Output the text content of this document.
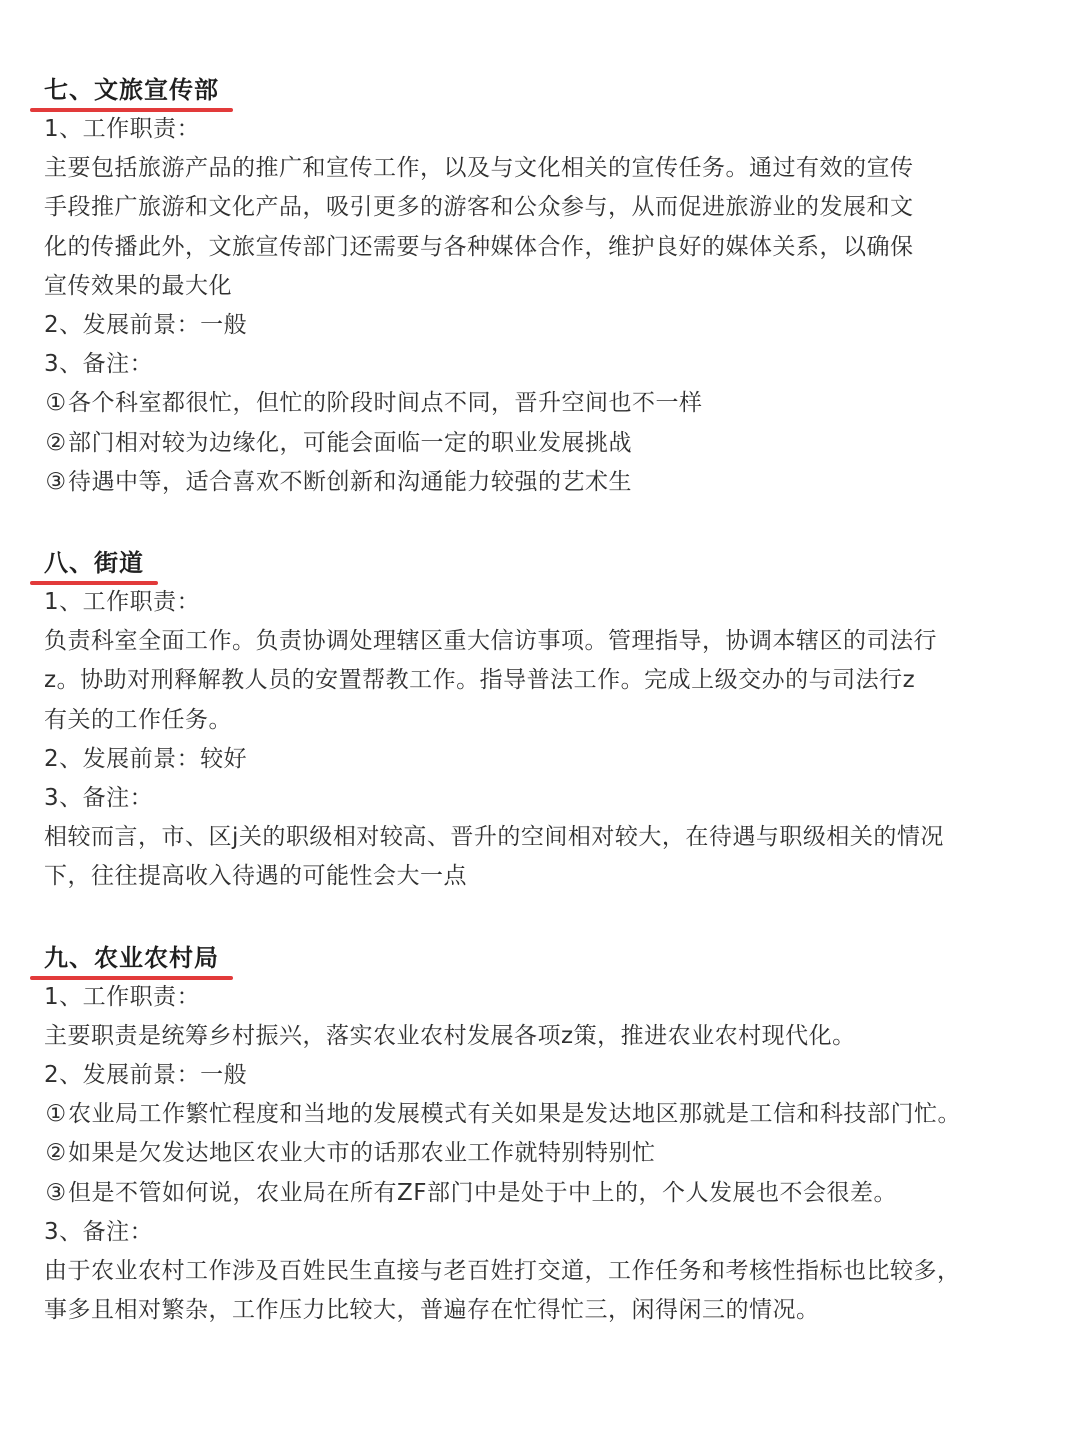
七、文旅宣传部
1、工作职责：
主要包括旅游产品的推广和宣传工作，以及与文化相关的宣传任务。通过有效的宣传
手段推广旅游和文化产品，吸引更多的游客和公众参与，从而促进旅游业的发展和文
化的传播此外，文旅宣传部门还需要与各种媒体合作，维护良好的媒体关系，以确保
宣传效果的最大化
2、发展前景：一般
3、备注：
①各个科室都很忙，但忙的阶段时间点不同，晋升空间也不一样
②部门相对较为边缘化，可能会面临一定的职业发展挑战
③待遇中等，适合喜欢不断创新和沟通能力较强的艺术生
八、街道
1、工作职责：
负责科室全面工作。负责协调处理辖区重大信访事项。管理指导，协调本辖区的司法行
z。协助对刑释解教人员的安置帮教工作。指导普法工作。完成上级交办的与司法行z
有关的工作任务。
2、发展前景：较好
3、备注：
相较而言，市、区j关的职级相对较高、晋升的空间相对较大，在待遇与职级相关的情况
下，往往提高收入待遇的可能性会大一点
九、农业农村局
1、工作职责：
主要职责是统筹乡村振兴，落实农业农村发展各项z策，推进农业农村现代化。
2、发展前景：一般
①农业局工作繁忙程度和当地的发展模式有关如果是发达地区那就是工信和科技部门忙。
②如果是欠发达地区农业大市的话那农业工作就特别特别忙
③但是不管如何说，农业局在所有ZF部门中是处于中上的，个人发展也不会很差。
3、备注：
由于农业农村工作涉及百姓民生直接与老百姓打交道，工作任务和考核性指标也比较多，
事多且相对繁杂，工作压力比较大，普遍存在忙得忙三，闲得闲三的情况。
